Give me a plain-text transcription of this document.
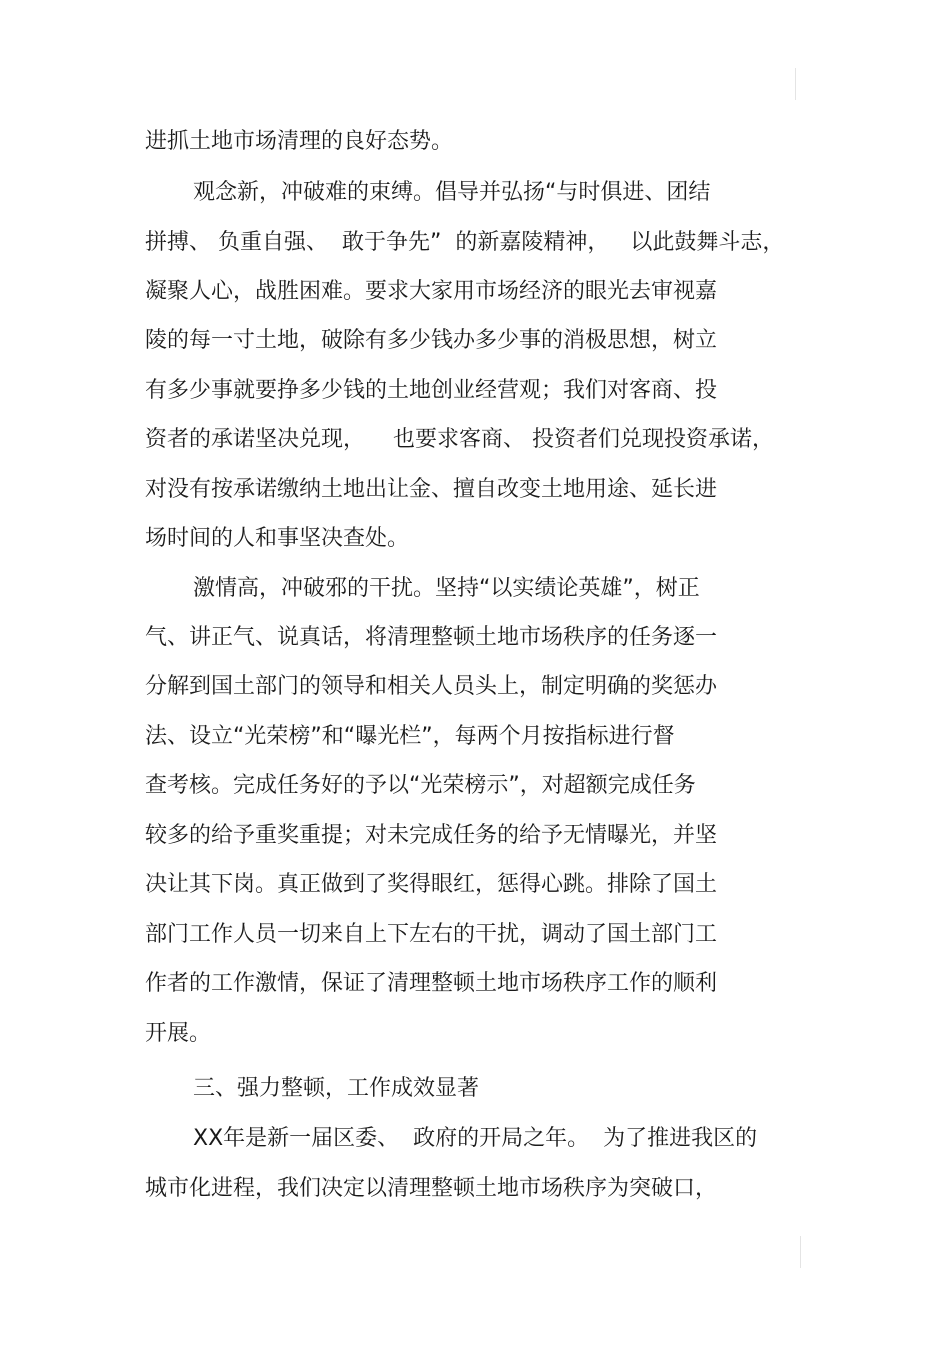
进抓土地市场清理的良好态势。
观念新，冲破难的束缚。倡导并弘扬“与时俱进、团结
拼搏、 负重自强、  敢于争先”  的新嘉陵精神，   以此鼓舞斗志，
凝聚人心，战胜困难。要求大家用市场经济的眼光去审视嘉
陵的每一寸土地，破除有多少钱办多少事的消极思想，树立
有多少事就要挣多少钱的土地创业经营观；我们对客商、投
资者的承诺坚决兑现，    也要求客商、 投资者们兑现投资承诺，
对没有按承诺缴纳土地出让金、擅自改变土地用途、延长进
场时间的人和事坚决查处。
激情高，冲破邪的干扰。坚持“以实绩论英雄”，树正
气、讲正气、说真话，将清理整顿土地市场秩序的任务逐一
分解到国土部门的领导和相关人员头上，制定明确的奖惩办
法、设立“光荣榜”和“曝光栏”，每两个月按指标进行督
查考核。完成任务好的予以“光荣榜示”，对超额完成任务
较多的给予重奖重提；对未完成任务的给予无情曝光，并坚
决让其下岗。真正做到了奖得眼红，惩得心跳。排除了国土
部门工作人员一切来自上下左右的干扰，调动了国土部门工
作者的工作激情，保证了清理整顿土地市场秩序工作的顺利
开展。
三、强力整顿，工作成效显著
XX年是新一届区委、  政府的开局之年。  为了推进我区的
城市化进程，我们决定以清理整顿土地市场秩序为突破口，
